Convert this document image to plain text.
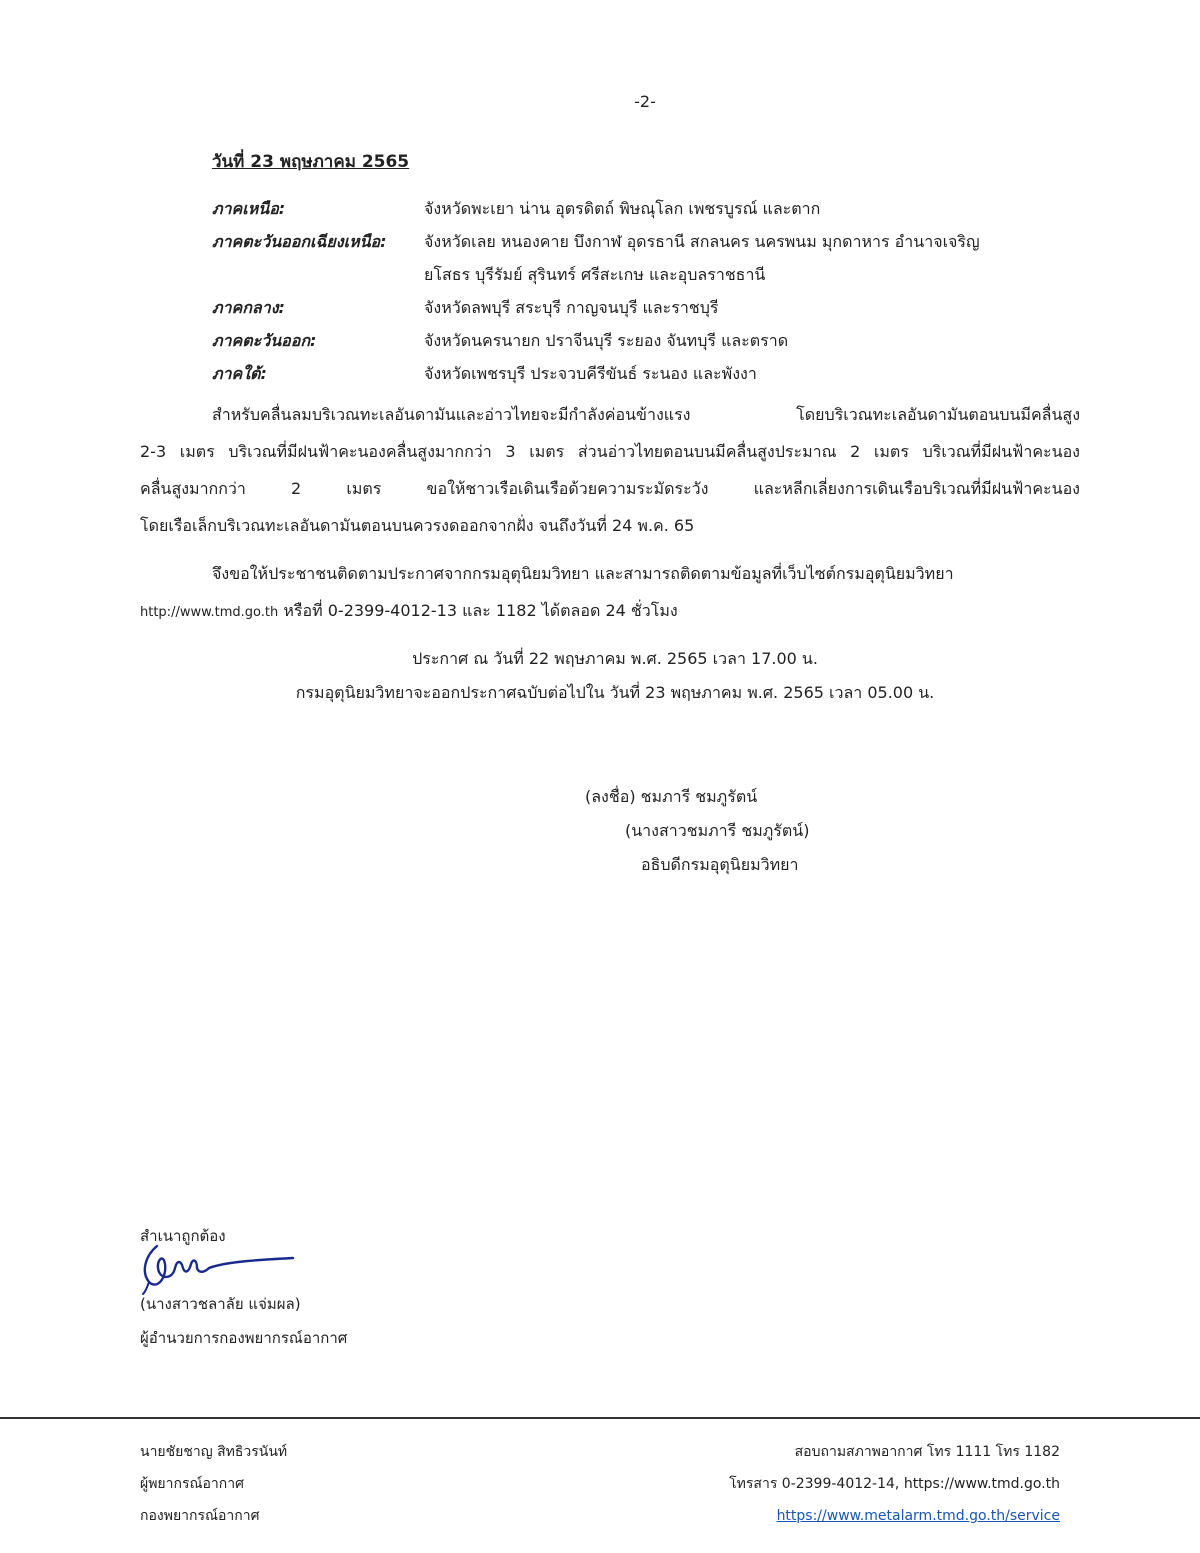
-2-
วันที่ 23 พฤษภาคม 2565
ภาคเหนือ:	จังหวัดพะเยา น่าน อุตรดิตถ์ พิษณุโลก เพชรบูรณ์ และตาก
ภาคตะวันออกเฉียงเหนือ:	จังหวัดเลย หนองคาย บึงกาฬ อุดรธานี สกลนคร นครพนม มุกดาหาร อำนาจเจริญ
ยโสธร บุรีรัมย์ สุรินทร์ ศรีสะเกษ และอุบลราชธานี
ภาคกลาง:	จังหวัดลพบุรี สระบุรี กาญจนบุรี และราชบุรี
ภาคตะวันออก:	จังหวัดนครนายก ปราจีนบุรี ระยอง จันทบุรี และตราด
ภาคใต้:	จังหวัดเพชรบุรี ประจวบคีรีขันธ์ ระนอง และพังงา
สำหรับคลื่นลมบริเวณทะเลอันดามันและอ่าวไทยจะมีกำลังค่อนข้างแรง โดยบริเวณทะเลอันดามันตอนบนมีคลื่นสูง
2-3 เมตร บริเวณที่มีฝนฟ้าคะนองคลื่นสูงมากกว่า 3 เมตร ส่วนอ่าวไทยตอนบนมีคลื่นสูงประมาณ 2 เมตร บริเวณที่มีฝนฟ้าคะนอง
คลื่นสูงมากกว่า 2 เมตร ขอให้ชาวเรือเดินเรือด้วยความระมัดระวัง และหลีกเลี่ยงการเดินเรือบริเวณที่มีฝนฟ้าคะนอง
โดยเรือเล็กบริเวณทะเลอันดามันตอนบนควรงดออกจากฝั่ง จนถึงวันที่ 24 พ.ค. 65
จึงขอให้ประชาชนติดตามประกาศจากกรมอุตุนิยมวิทยา และสามารถติดตามข้อมูลที่เว็บไซต์กรมอุตุนิยมวิทยา
http://www.tmd.go.th หรือที่ 0-2399-4012-13 และ 1182 ได้ตลอด 24 ชั่วโมง
ประกาศ ณ วันที่ 22 พฤษภาคม พ.ศ. 2565 เวลา 17.00 น.
กรมอุตุนิยมวิทยาจะออกประกาศฉบับต่อไปใน วันที่ 23 พฤษภาคม พ.ศ. 2565 เวลา 05.00 น.
(ลงชื่อ) ชมภารี ชมภูรัตน์
(นางสาวชมภารี ชมภูรัตน์)
อธิบดีกรมอุตุนิยมวิทยา
สำเนาถูกต้อง
(นางสาวชลาลัย แจ่มผล)
ผู้อำนวยการกองพยากรณ์อากาศ
นายชัยชาญ สิทธิวรนันท์
ผู้พยากรณ์อากาศ
กองพยากรณ์อากาศ
สอบถามสภาพอากาศ โทร 1111 โทร 1182
โทรสาร 0-2399-4012-14, https://www.tmd.go.th
https://www.metalarm.tmd.go.th/service
